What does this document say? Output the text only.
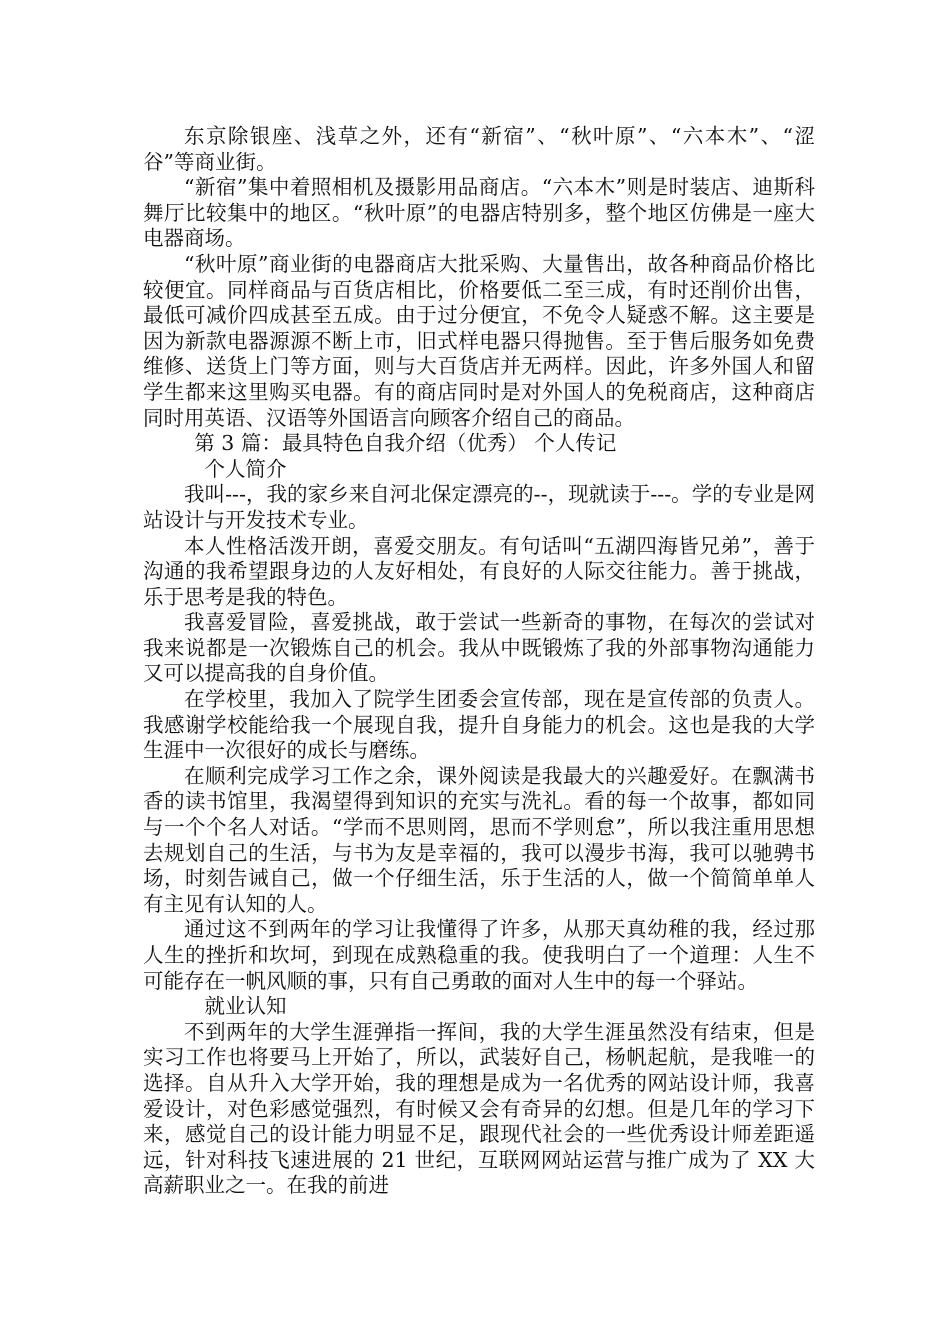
东京除银座、浅草之外，还有“新宿”、“秋叶原”、“六本木”、“涩谷”等商业街。

“新宿”集中着照相机及摄影用品商店。“六本木”则是时装店、迪斯科舞厅比较集中的地区。“秋叶原”的电器店特别多，整个地区仿佛是一座大电器商场。

“秋叶原”商业街的电器商店大批采购、大量售出，故各种商品价格比较便宜。同样商品与百货店相比，价格要低二至三成，有时还削价出售，最低可减价四成甚至五成。由于过分便宜，不免令人疑惑不解。这主要是因为新款电器源源不断上市，旧式样电器只得抛售。至于售后服务如免费维修、送货上门等方面，则与大百货店并无两样。因此，许多外国人和留学生都来这里购买电器。有的商店同时是对外国人的免税商店，这种商店同时用英语、汉语等外国语言向顾客介绍自己的商品。

第 3 篇：最具特色自我介绍（优秀） 个人传记

个人简介

我叫---，我的家乡来自河北保定漂亮的--，现就读于---。学的专业是网站设计与开发技术专业。

本人性格活泼开朗，喜爱交朋友。有句话叫“五湖四海皆兄弟”，善于沟通的我希望跟身边的人友好相处，有良好的人际交往能力。善于挑战，乐于思考是我的特色。

我喜爱冒险，喜爱挑战，敢于尝试一些新奇的事物，在每次的尝试对我来说都是一次锻炼自己的机会。我从中既锻炼了我的外部事物沟通能力又可以提高我的自身价值。

在学校里，我加入了院学生团委会宣传部，现在是宣传部的负责人。我感谢学校能给我一个展现自我，提升自身能力的机会。这也是我的大学生涯中一次很好的成长与磨练。

在顺利完成学习工作之余，课外阅读是我最大的兴趣爱好。在飘满书香的读书馆里，我渴望得到知识的充实与洗礼。看的每一个故事，都如同与一个个名人对话。“学而不思则罔，思而不学则怠”，所以我注重用思想去规划自己的生活，与书为友是幸福的，我可以漫步书海，我可以驰骋书场，时刻告诫自己，做一个仔细生活，乐于生活的人，做一个简简单单人有主见有认知的人。

通过这不到两年的学习让我懂得了许多，从那天真幼稚的我，经过那人生的挫折和坎坷，到现在成熟稳重的我。使我明白了一个道理：人生不可能存在一帆风顺的事，只有自己勇敢的面对人生中的每一个驿站。

就业认知

不到两年的大学生涯弹指一挥间，我的大学生涯虽然没有结束，但是实习工作也将要马上开始了，所以，武装好自己，杨帆起航，是我唯一的选择。自从升入大学开始，我的理想是成为一名优秀的网站设计师，我喜爱设计，对色彩感觉强烈，有时候又会有奇异的幻想。但是几年的学习下来，感觉自己的设计能力明显不足，跟现代社会的一些优秀设计师差距遥远，针对科技飞速进展的 21 世纪，互联网网站运营与推广成为了 XX 大高薪职业之一。在我的前进
